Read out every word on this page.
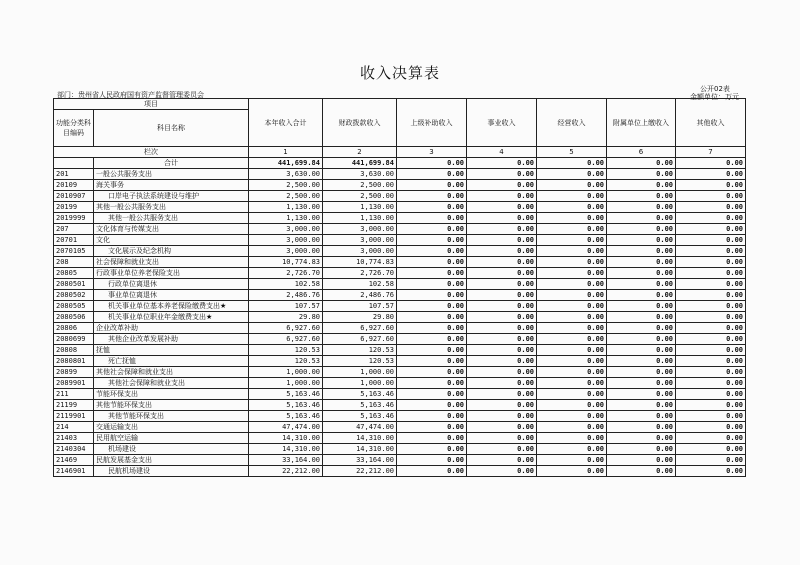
收入决算表
公开02表
部门：贵州省人民政府国有资产监督管理委员会	金额单位：万元
项目		本年收入合计	财政拨款收入	上级补助收入	事业收入	经营收入	附属单位上缴收入	其他收入
功能分类科目编码	科目名称							
栏次		1	2	3	4	5	6	7
	合计	441,699.84	441,699.84	0.00	0.00	0.00	0.00	0.00
201	一般公共服务支出	3,630.00	3,630.00	0.00	0.00	0.00	0.00	0.00
20109	海关事务	2,500.00	2,500.00	0.00	0.00	0.00	0.00	0.00
2010907	口岸电子执法系统建设与维护	2,500.00	2,500.00	0.00	0.00	0.00	0.00	0.00
20199	其他一般公共服务支出	1,130.00	1,130.00	0.00	0.00	0.00	0.00	0.00
2019999	其他一般公共服务支出	1,130.00	1,130.00	0.00	0.00	0.00	0.00	0.00
207	文化体育与传媒支出	3,000.00	3,000.00	0.00	0.00	0.00	0.00	0.00
20701	文化	3,000.00	3,000.00	0.00	0.00	0.00	0.00	0.00
2070105	文化展示及纪念机构	3,000.00	3,000.00	0.00	0.00	0.00	0.00	0.00
208	社会保障和就业支出	10,774.83	10,774.83	0.00	0.00	0.00	0.00	0.00
20805	行政事业单位养老保险支出	2,726.70	2,726.70	0.00	0.00	0.00	0.00	0.00
2080501	行政单位离退休	102.58	102.58	0.00	0.00	0.00	0.00	0.00
2080502	事业单位离退休	2,486.76	2,486.76	0.00	0.00	0.00	0.00	0.00
2080505	机关事业单位基本养老保险缴费支出★	107.57	107.57	0.00	0.00	0.00	0.00	0.00
2080506	机关事业单位职业年金缴费支出★	29.80	29.80	0.00	0.00	0.00	0.00	0.00
20806	企业改革补助	6,927.60	6,927.60	0.00	0.00	0.00	0.00	0.00
2080699	其他企业改革发展补助	6,927.60	6,927.60	0.00	0.00	0.00	0.00	0.00
20808	抚恤	120.53	120.53	0.00	0.00	0.00	0.00	0.00
2080801	死亡抚恤	120.53	120.53	0.00	0.00	0.00	0.00	0.00
20899	其他社会保障和就业支出	1,000.00	1,000.00	0.00	0.00	0.00	0.00	0.00
2089901	其他社会保障和就业支出	1,000.00	1,000.00	0.00	0.00	0.00	0.00	0.00
211	节能环保支出	5,163.46	5,163.46	0.00	0.00	0.00	0.00	0.00
21199	其他节能环保支出	5,163.46	5,163.46	0.00	0.00	0.00	0.00	0.00
2119901	其他节能环保支出	5,163.46	5,163.46	0.00	0.00	0.00	0.00	0.00
214	交通运输支出	47,474.00	47,474.00	0.00	0.00	0.00	0.00	0.00
21403	民用航空运输	14,310.00	14,310.00	0.00	0.00	0.00	0.00	0.00
2140304	机场建设	14,310.00	14,310.00	0.00	0.00	0.00	0.00	0.00
21469	民航发展基金支出	33,164.00	33,164.00	0.00	0.00	0.00	0.00	0.00
2146901	民航机场建设	22,212.00	22,212.00	0.00	0.00	0.00	0.00	0.00
